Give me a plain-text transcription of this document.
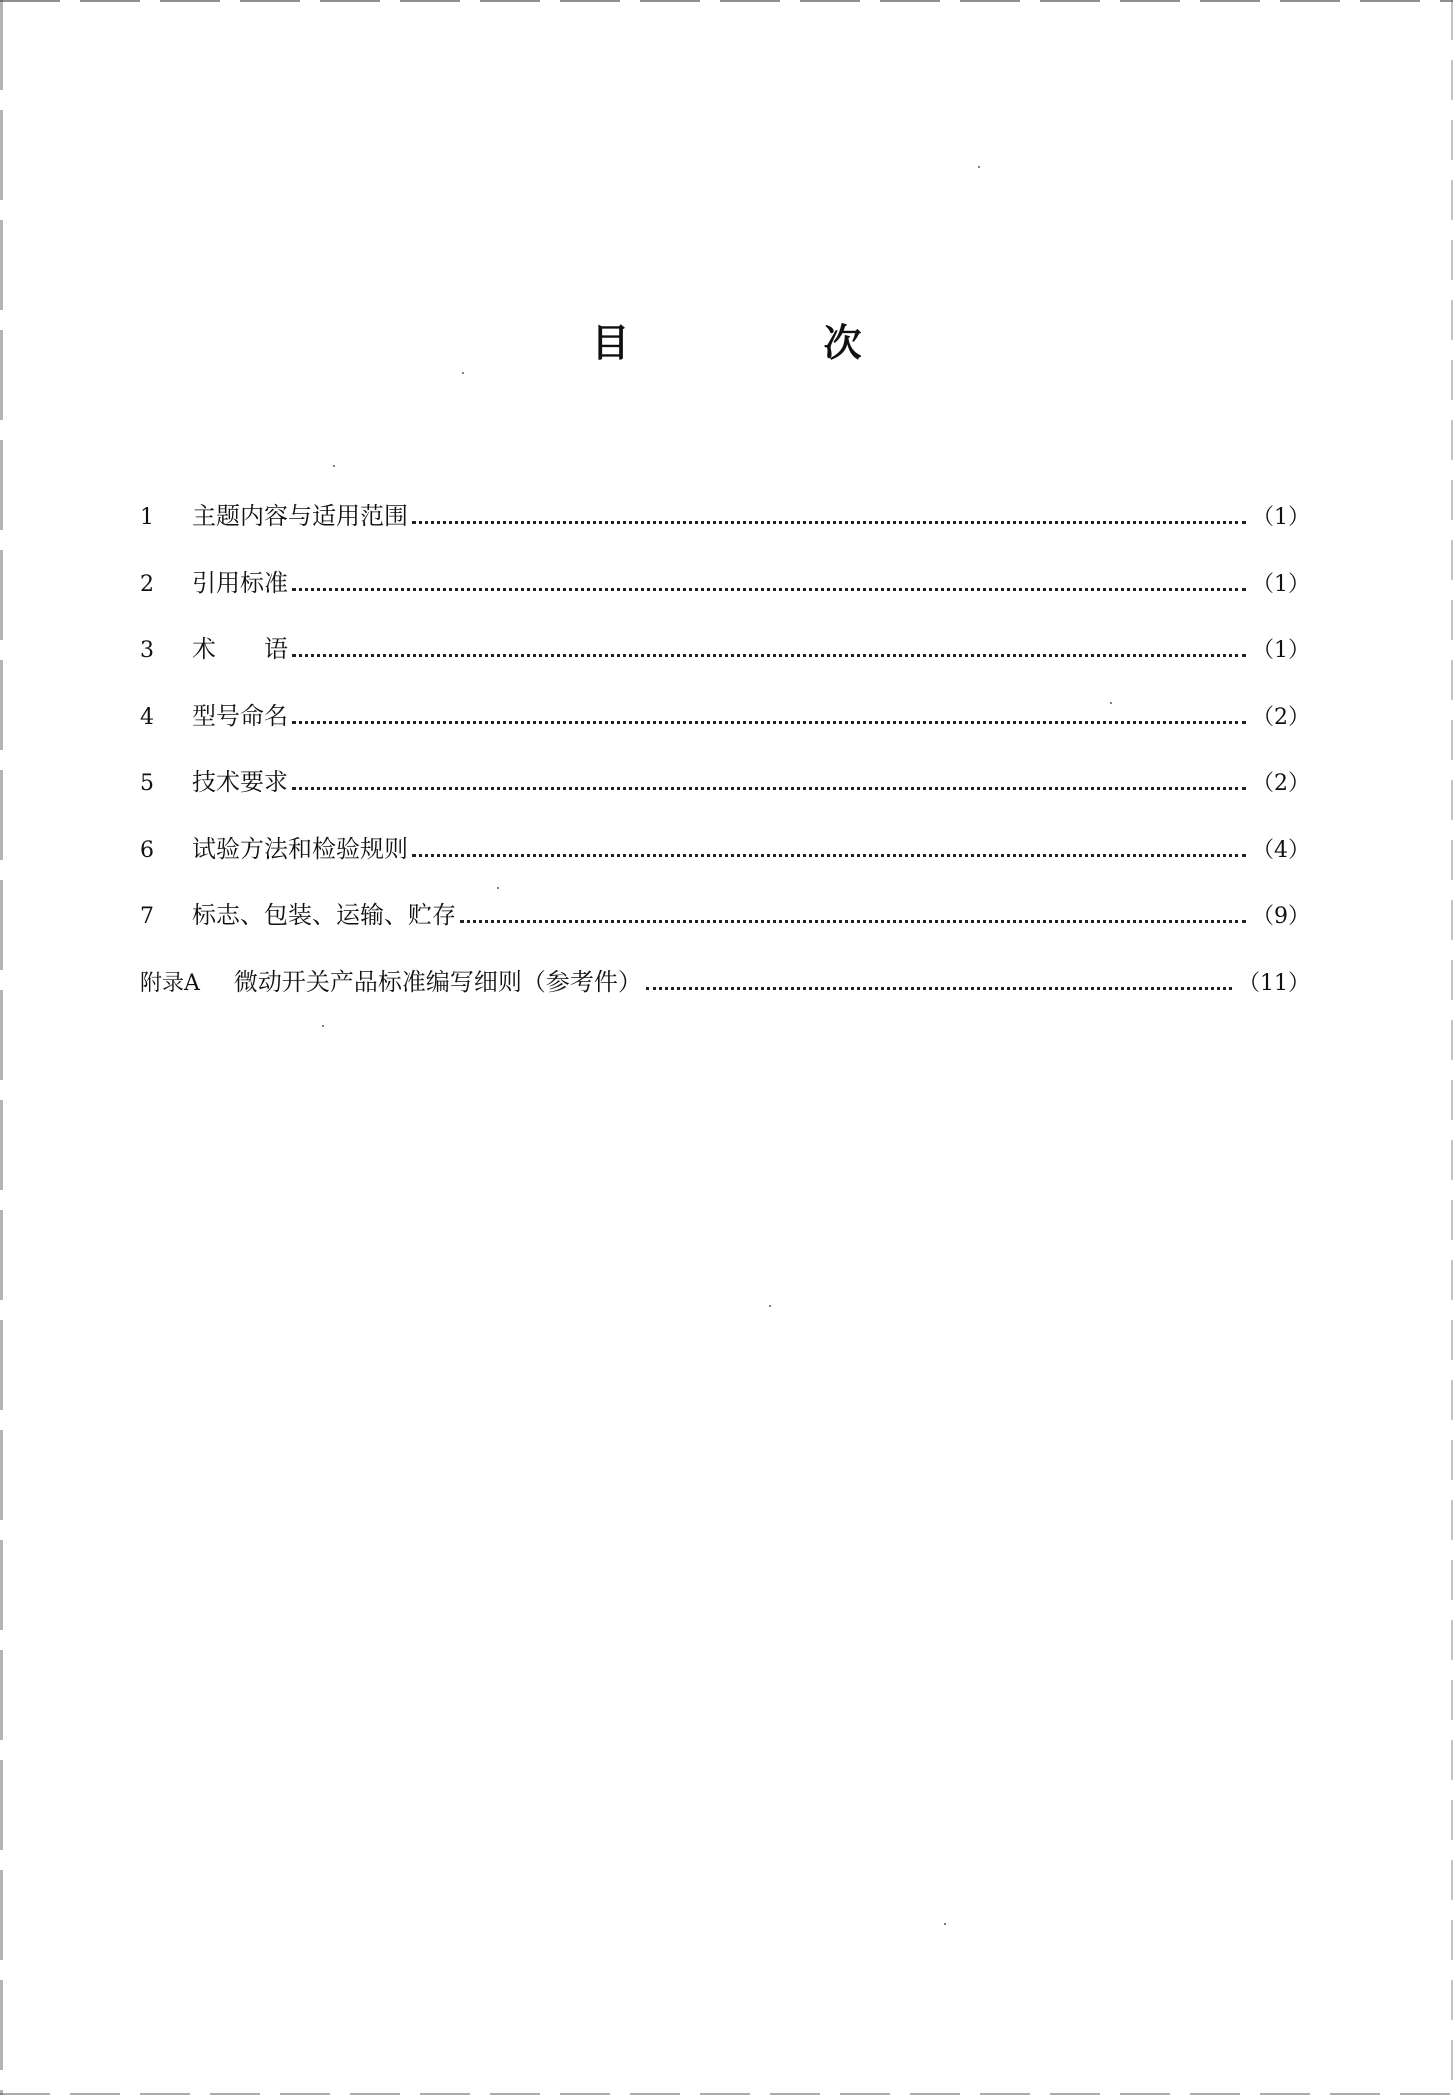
目　次
1	主题内容与适用范围	（1）
2	引用标准	（1）
3	术　　语	（1）
4	型号命名	（2）
5	技术要求	（2）
6	试验方法和检验规则	（4）
7	标志、包装、运输、贮存	（9）
附录A	微动开关产品标准编写细则（参考件）	（11）
